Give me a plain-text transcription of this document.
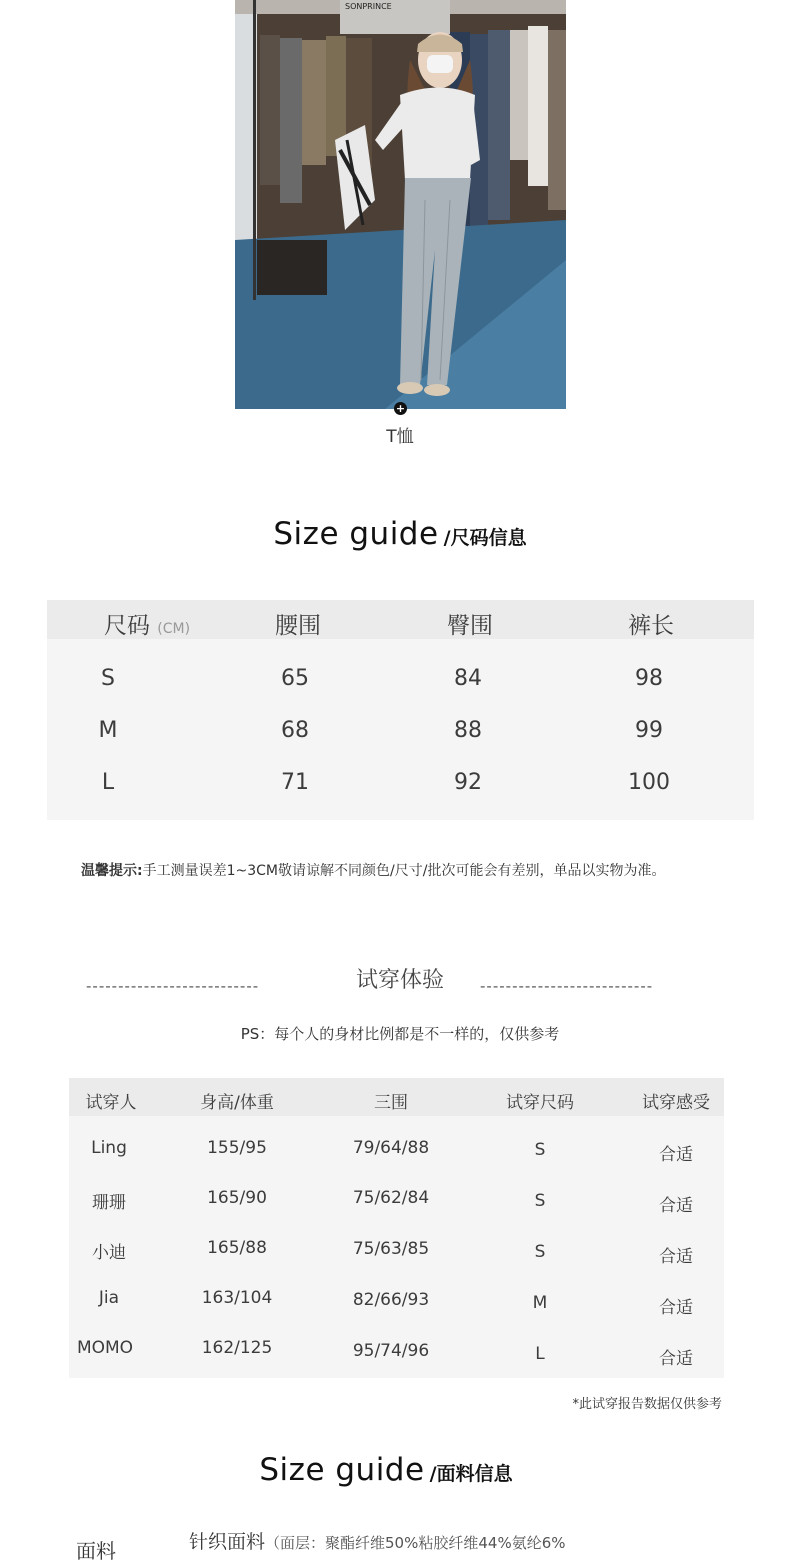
SONPRINCE
+
T恤
Size guide /尺码信息
尺码 (CM)	腰围	臀围	裤长
S	65	84	98
M	68	88	99
L	71	92	100
温馨提示:手工测量误差1~3CM敬请谅解不同颜色/尺寸/批次可能会有差别，单品以实物为准。
---------------------------	试穿体验	---------------------------
PS：每个人的身材比例都是不一样的，仅供参考
试穿人	身高/体重	三围	试穿尺码	试穿感受
Ling	155/95	79/64/88	S	合适
珊珊	165/90	75/62/84	S	合适
小迪	165/88	75/63/85	S	合适
Jia	163/104	82/66/93	M	合适
MOMO	162/125	95/74/96	L	合适
*此试穿报告数据仅供参考
Size guide /面料信息
面料	针织面料（面层：聚酯纤维50%粘胶纤维44%氨纶6%
